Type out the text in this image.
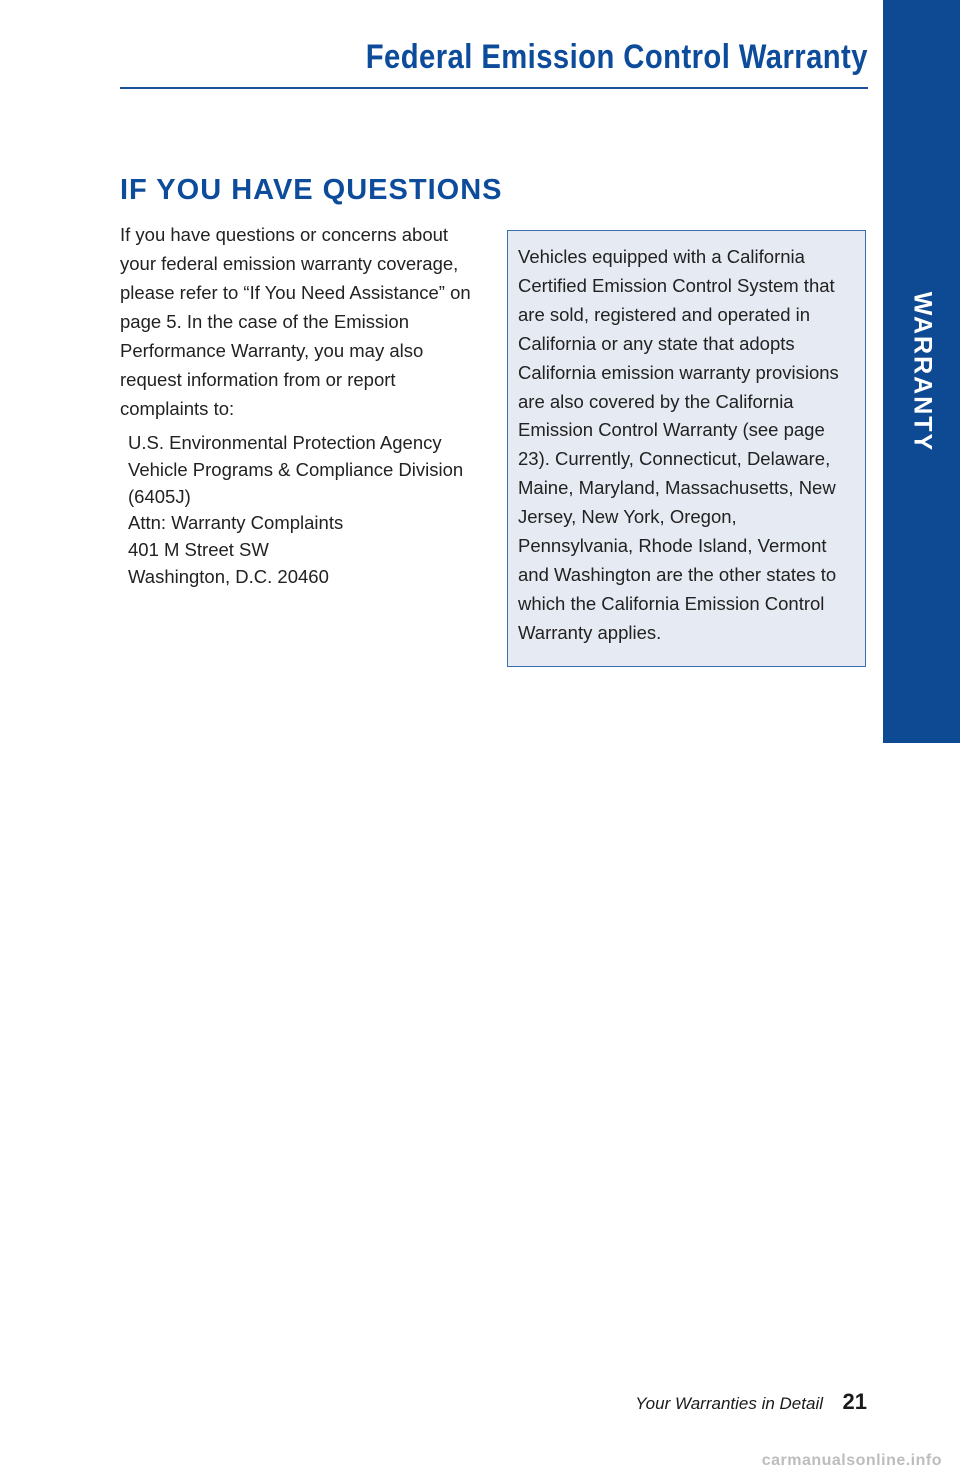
Federal Emission Control Warranty
WARRANTY
IF YOU HAVE QUESTIONS

If you have questions or concerns about your federal emission warranty coverage, please refer to “If You Need Assistance” on page 5. In the case of the Emission Performance Warranty, you may also request information from or report complaints to:

U.S. Environmental Protection Agency
Vehicle Programs & Compliance Division
(6405J)
Attn: Warranty Complaints
401 M Street SW
Washington, D.C. 20460

Vehicles equipped with a California Certified Emission Control System that are sold, registered and operated in California or any state that adopts California emission warranty provisions are also covered by the California Emission Control Warranty (see page 23). Currently, Connecticut, Delaware, Maine, Maryland, Massachusetts, New Jersey, New York, Oregon, Pennsylvania, Rhode Island, Vermont and Washington are the other states to which the California Emission Control Warranty applies.

Your Warranties in Detail 21
carmanualsonline.info
